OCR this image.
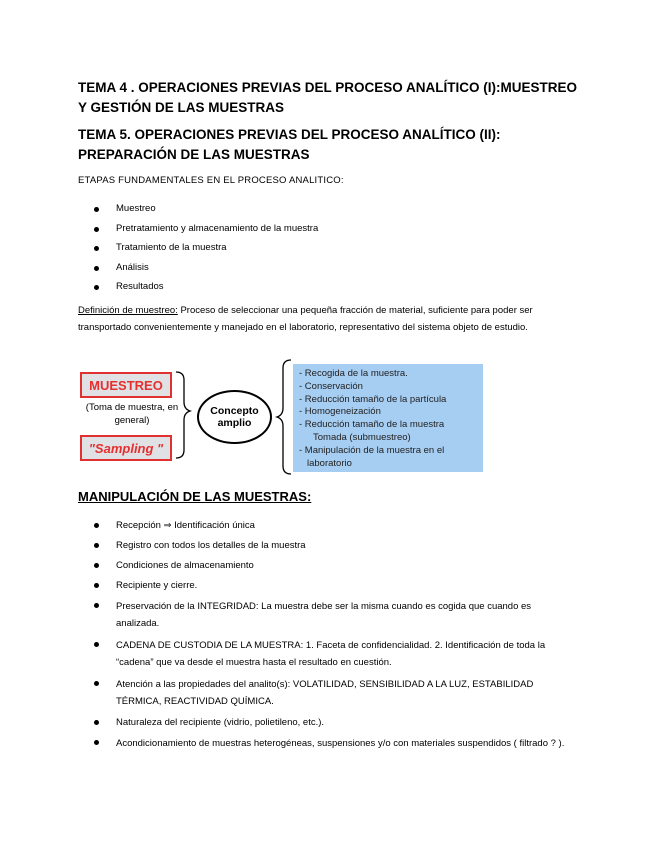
TEMA 4 . OPERACIONES PREVIAS DEL PROCESO ANALÍTICO (I):MUESTREO Y GESTIÓN DE LAS MUESTRAS
TEMA 5. OPERACIONES PREVIAS DEL PROCESO ANALÍTICO (II): PREPARACIÓN DE LAS MUESTRAS
ETAPAS FUNDAMENTALES EN EL PROCESO ANALITICO:
Muestreo
Pretratamiento y almacenamiento de la muestra
Tratamiento de la muestra
Análisis
Resultados
Definición de muestreo: Proceso de seleccionar una pequeña fracción de material, suficiente para poder ser transportado convenientemente y manejado en el laboratorio, representativo del sistema objeto de estudio.
MUESTREO
(Toma de muestra, en general)
"Sampling "
Concepto amplio
- Recogida de la muestra.
- Conservación
- Reducción tamaño de la partícula
- Homogeneización
- Reducción tamaño de la muestra
Tomada (submuestreo)
- Manipulación de la muestra en el
laboratorio
MANIPULACIÓN DE LAS MUESTRAS:
Recepción ⇒ Identificación única
Registro con todos los detalles de la muestra
Condiciones de almacenamiento
Recipiente y cierre.
Preservación de la INTEGRIDAD: La muestra debe ser la misma cuando es cogida que cuando es analizada.
CADENA DE CUSTODIA DE LA MUESTRA: 1. Faceta de confidencialidad. 2. Identificación de toda la “cadena” que va desde el muestra hasta el resultado en cuestión.
Atención a las propiedades del analito(s): VOLATILIDAD, SENSIBILIDAD A LA LUZ, ESTABILIDAD TÉRMICA, REACTIVIDAD QUÍMICA.
Naturaleza del recipiente (vidrio, polietileno, etc.).
Acondicionamiento de muestras heterogéneas, suspensiones y/o con materiales suspendidos ( filtrado ? ).
